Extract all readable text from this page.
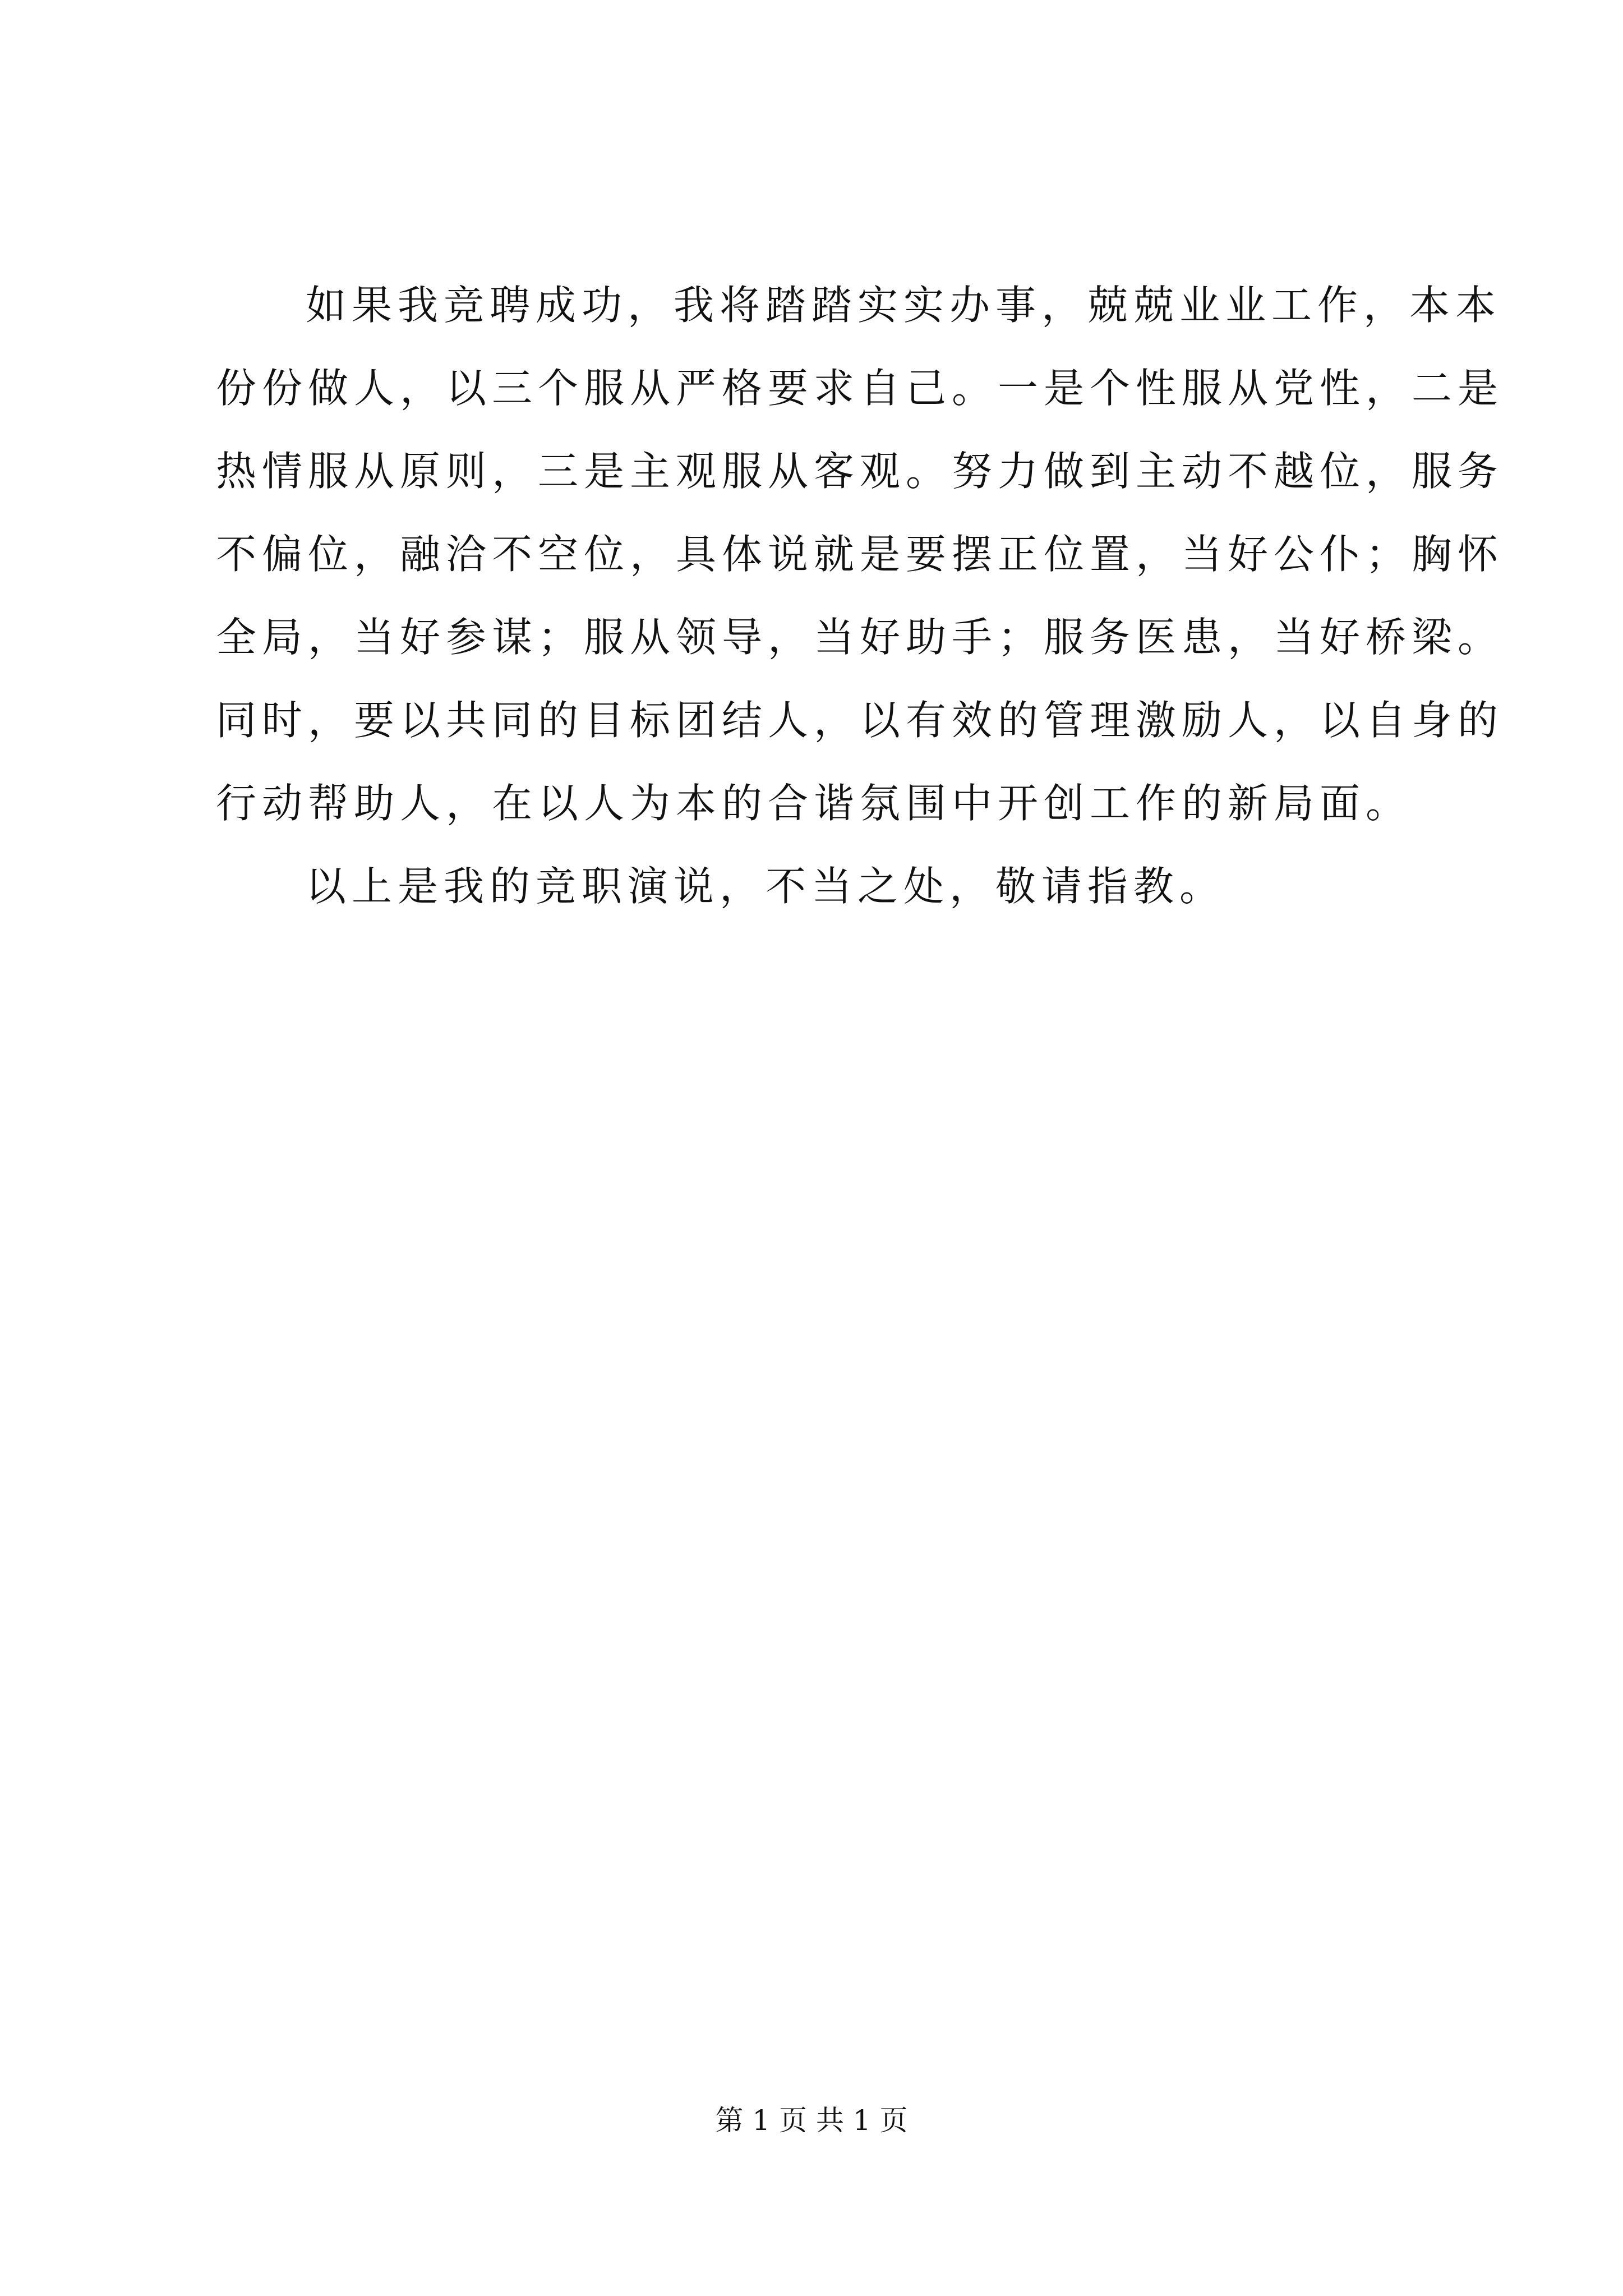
如果我竞聘成功，我将踏踏实实办事，兢兢业业工作，本本
份份做人，以三个服从严格要求自己。一是个性服从党性，二是
热情服从原则，三是主观服从客观。努力做到主动不越位，服务
不偏位，融洽不空位，具体说就是要摆正位置，当好公仆；胸怀
全局，当好参谋；服从领导，当好助手；服务医患，当好桥梁。
同时，要以共同的目标团结人，以有效的管理激励人，以自身的
行动帮助人，在以人为本的合谐氛围中开创工作的新局面。
以上是我的竞职演说，不当之处，敬请指教。
第 1 页 共 1 页
